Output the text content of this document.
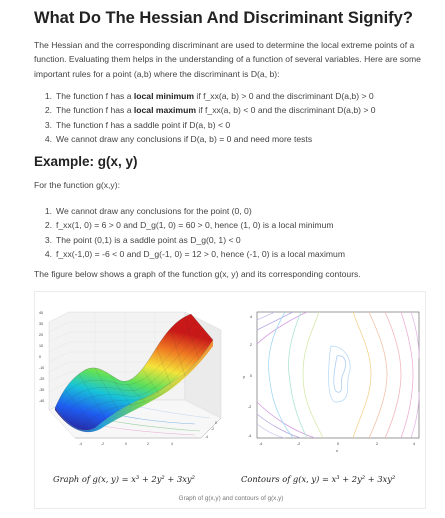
What Do The Hessian And Discriminant Signify?

The Hessian and the corresponding discriminant are used to determine the local extreme points of a function. Evaluating them helps in the understanding of a function of several variables. Here are some important rules for a point (a,b) where the discriminant is D(a, b):

1. The function f has a local minimum if f_xx(a, b) > 0 and the discriminant D(a,b) > 0
2. The function f has a local maximum if f_xx(a, b) < 0 and the discriminant D(a,b) > 0
3. The function f has a saddle point if D(a, b) < 0
4. We cannot draw any conclusions if D(a, b) = 0 and need more tests
Example: g(x, y)

For the function g(x,y):

1. We cannot draw any conclusions for the point (0, 0)
2. f_xx(1, 0) = 6 > 0 and D_g(1, 0) = 60 > 0, hence (1, 0) is a local minimum
3. The point (0,1) is a saddle point as D_g(0, 1) < 0
4. f_xx(-1,0) = -6 < 0 and D_g(-1, 0) = 12 > 0, hence (-1, 0) is a local maximum

The figure below shows a graph of the function g(x, y) and its corresponding contours.

40
30
20
10
0
-10
-20
-30
-40
-4	-2	0	2	4
-4
-2
0
4
2
0
-2
-4
y
-4	-2	0	2	4
x
Graph of g(x, y) = x³ + 2y² + 3xy²	Contours of g(x, y) = x³ + 2y² + 3xy²
Graph of g(x,y) and contours of g(x,y)
